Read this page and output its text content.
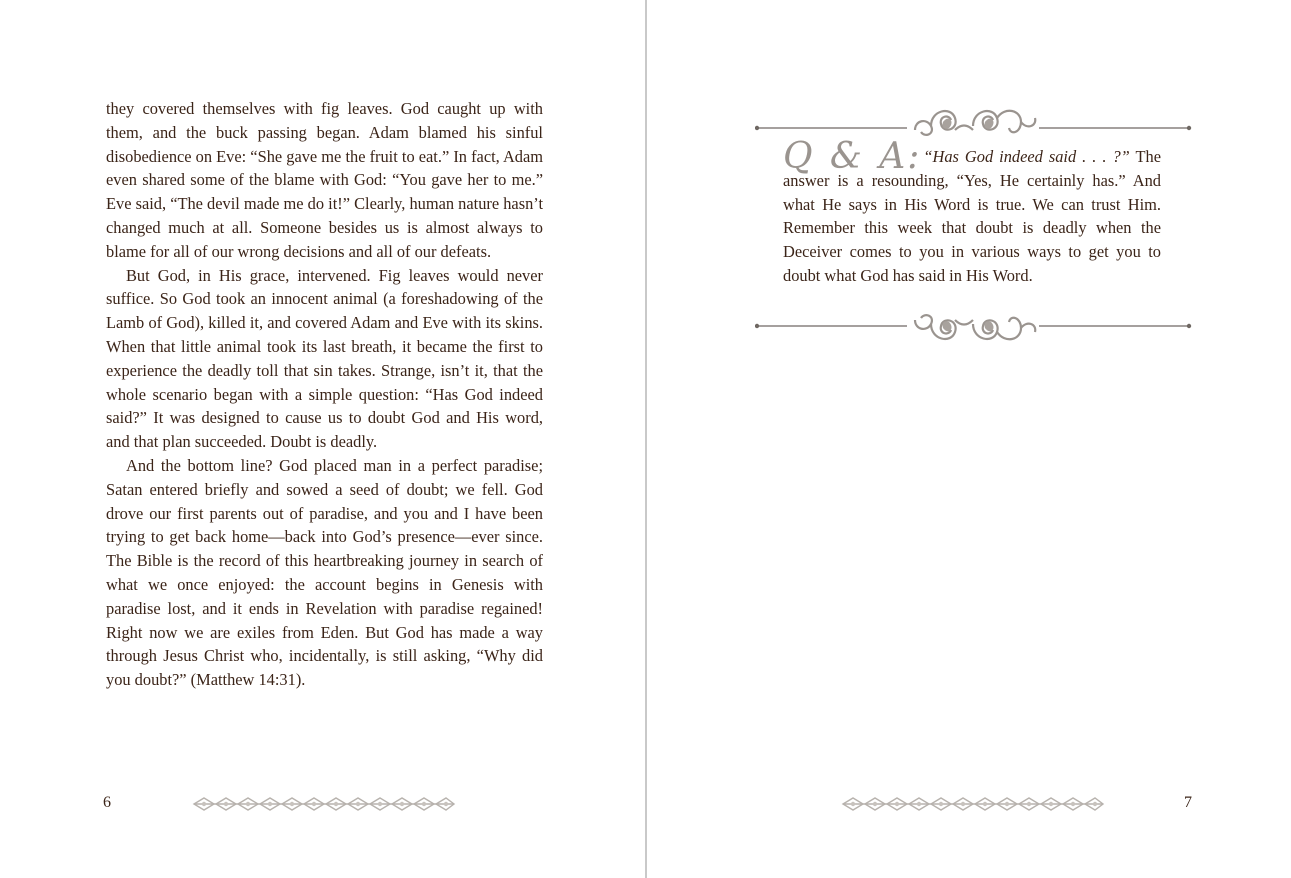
they covered themselves with fig leaves. God caught up with them, and the buck passing began. Adam blamed his sinful disobedience on Eve: “She gave me the fruit to eat.” In fact, Adam even shared some of the blame with God: “You gave her to me.” Eve said, “The devil made me do it!” Clearly, human nature hasn’t changed much at all. Someone besides us is almost always to blame for all of our wrong decisions and all of our defeats.

But God, in His grace, intervened. Fig leaves would never suffice. So God took an innocent animal (a foreshadowing of the Lamb of God), killed it, and covered Adam and Eve with its skins. When that little animal took its last breath, it became the first to experience the deadly toll that sin takes. Strange, isn’t it, that the whole scenario began with a simple question: “Has God indeed said?” It was designed to cause us to doubt God and His word, and that plan succeeded. Doubt is deadly.

And the bottom line? God placed man in a perfect paradise; Satan entered briefly and sowed a seed of doubt; we fell. God drove our first parents out of paradise, and you and I have been trying to get back home—back into God’s presence—ever since. The Bible is the record of this heartbreaking journey in search of what we once enjoyed: the account begins in Genesis with paradise lost, and it ends in Revelation with paradise regained! Right now we are exiles from Eden. But God has made a way through Jesus Christ who, incidentally, is still asking, “Why did you doubt?” (Matthew 14:31).

6

Q & A: “Has God indeed said . . . ?” The answer is a resounding, “Yes, He certainly has.” And what He says in His Word is true. We can trust Him. Remember this week that doubt is deadly when the Deceiver comes to you in various ways to get you to doubt what God has said in His Word.

7
